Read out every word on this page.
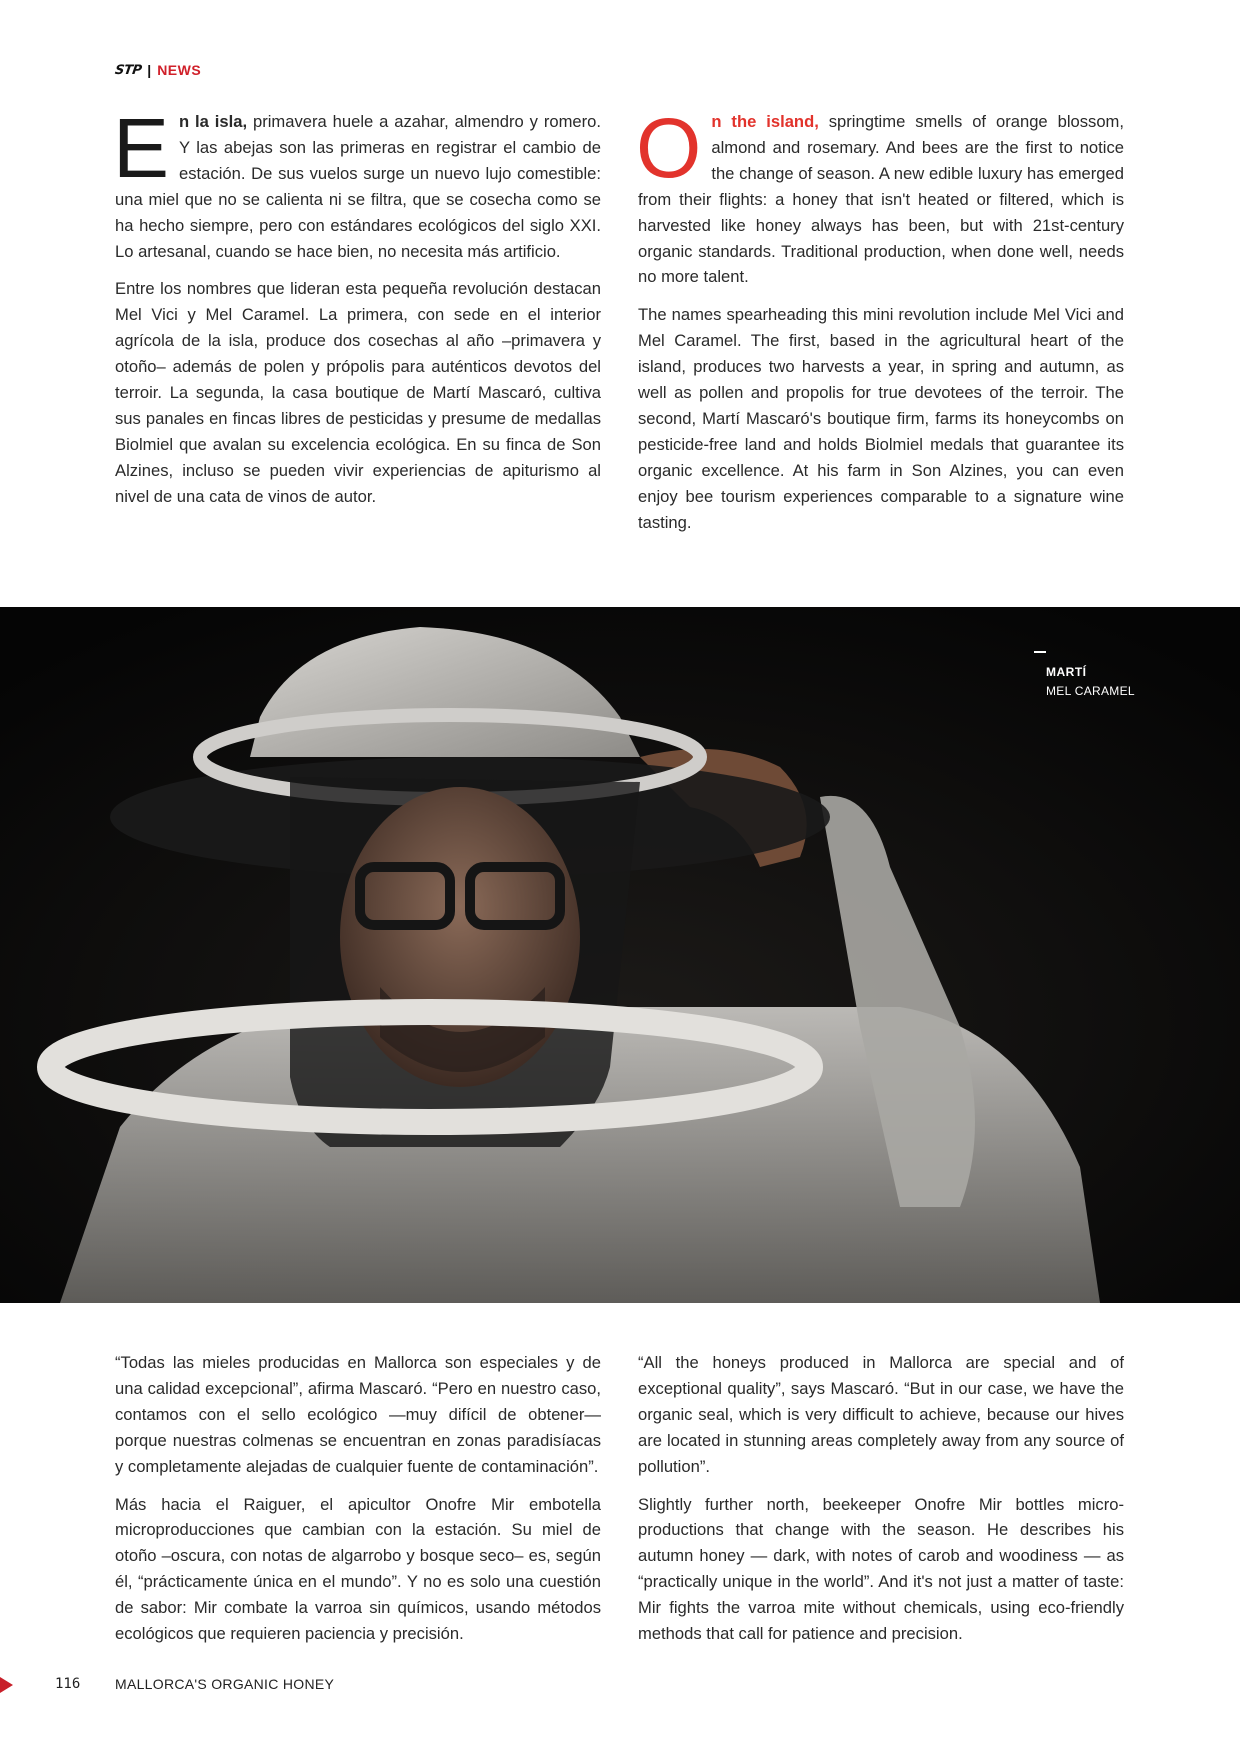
STP | NEWS

En la isla, primavera huele a azahar, almendro y romero. Y las abejas son las primeras en registrar el cambio de estación. De sus vuelos surge un nuevo lujo comestible: una miel que no se calienta ni se filtra, que se cosecha como se ha hecho siempre, pero con estándares ecológicos del siglo XXI. Lo artesanal, cuando se hace bien, no necesita más artificio.

Entre los nombres que lideran esta pequeña revolución destacan Mel Vici y Mel Caramel. La primera, con sede en el interior agrícola de la isla, produce dos cosechas al año –primavera y otoño– además de polen y própolis para auténticos devotos del terroir. La segunda, la casa boutique de Martí Mascaró, cultiva sus panales en fincas libres de pesticidas y presume de medallas Biolmiel que avalan su excelencia ecológica. En su finca de Son Alzines, incluso se pueden vivir experiencias de apiturismo al nivel de una cata de vinos de autor.

On the island, springtime smells of orange blossom, almond and rosemary. And bees are the first to notice the change of season. A new edible luxury has emerged from their flights: a honey that isn't heated or filtered, which is harvested like honey always has been, but with 21st-century organic standards. Traditional production, when done well, needs no more talent.

The names spearheading this mini revolution include Mel Vici and Mel Caramel. The first, based in the agricultural heart of the island, produces two harvests a year, in spring and autumn, as well as pollen and propolis for true devotees of the terroir. The second, Martí Mascaró's boutique firm, farms its honeycombs on pesticide-free land and holds Biolmiel medals that guarantee its organic excellence. At his farm in Son Alzines, you can even enjoy bee tourism experiences comparable to a signature wine tasting.

MARTÍ
MEL CARAMEL

“Todas las mieles producidas en Mallorca son especiales y de una calidad excepcional”, afirma Mascaró. “Pero en nuestro caso, contamos con el sello ecológico —muy difícil de obtener— porque nuestras colmenas se encuentran en zonas paradisíacas y completamente alejadas de cualquier fuente de contaminación”.

Más hacia el Raiguer, el apicultor Onofre Mir embotella microproducciones que cambian con la estación. Su miel de otoño –oscura, con notas de algarrobo y bosque seco– es, según él, “prácticamente única en el mundo”. Y no es solo una cuestión de sabor: Mir combate la varroa sin químicos, usando métodos ecológicos que requieren paciencia y precisión.

“All the honeys produced in Mallorca are special and of exceptional quality”, says Mascaró. “But in our case, we have the organic seal, which is very difficult to achieve, because our hives are located in stunning areas completely away from any source of pollution”.

Slightly further north, beekeeper Onofre Mir bottles micro-productions that change with the season. He describes his autumn honey — dark, with notes of carob and woodiness — as “practically unique in the world”. And it's not just a matter of taste: Mir fights the varroa mite without chemicals, using eco-friendly methods that call for patience and precision.

116 MALLORCA'S ORGANIC HONEY
